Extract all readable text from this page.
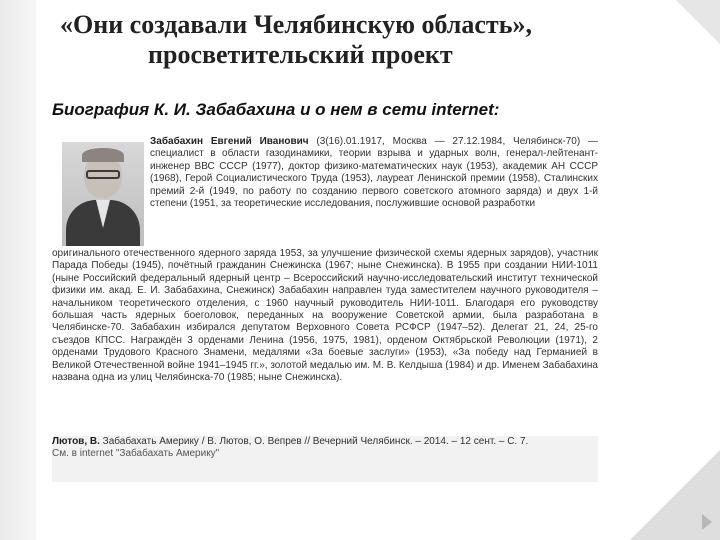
«Они создавали Челябинскую область»,
просветительский проект
Биография К. И. Забабахина и о нем в сети internet:
Забабахин Евгений Иванович (3(16).01.1917, Москва — 27.12.1984, Челябинск-70) — специалист в области газодинамики, теории взрыва и ударных волн, генерал-лейтенант-инженер ВВС СССР (1977), доктор физико-математических наук (1953), академик АН СССР (1968), Герой Социалистического Труда (1953), лауреат Ленинской премии (1958), Сталинских премий 2-й (1949, по работу по созданию первого советского атомного заряда) и двух 1-й степени (1951, за теоретические исследования, послужившие основой разработки
оригинального отечественного ядерного заряда 1953, за улучшение физической схемы ядерных зарядов), участник Парада Победы (1945), почётный гражданин Снежинска (1967; ныне Снежинска). В 1955 при создании НИИ-1011 (ныне Российский федеральный ядерный центр – Всероссийский научно-исследовательский институт технической физики им. акад. Е. И. Забабахина, Снежинск) Забабахин направлен туда заместителем научного руководителя – начальником теоретического отделения, с 1960 научный руководитель НИИ-1011. Благодаря его руководству большая часть ядерных боеголовок, переданных на вооружение Советской армии, была разработана в Челябинске-70. Забабахин избирался депутатом Верховного Совета РСФСР (1947–52). Делегат 21, 24, 25-го съездов КПСС. Награждён 3 орденами Ленина (1956, 1975, 1981), орденом Октябрьской Революции (1971), 2 орденами Трудового Красного Знамени, медалями «За боевые заслуги» (1953), «За победу над Германией в Великой Отечественной войне 1941–1945 гг.», золотой медалью им. М. В. Келдыша (1984) и др. Именем Забабахина названа одна из улиц Челябинска-70 (1985; ныне Снежинска).
Лютов, В. Забабахать Америку / В. Лютов, О. Вепрев // Вечерний Челябинск. – 2014. – 12 сент. – С. 7.
См. в internet "Забабахать Америку"
